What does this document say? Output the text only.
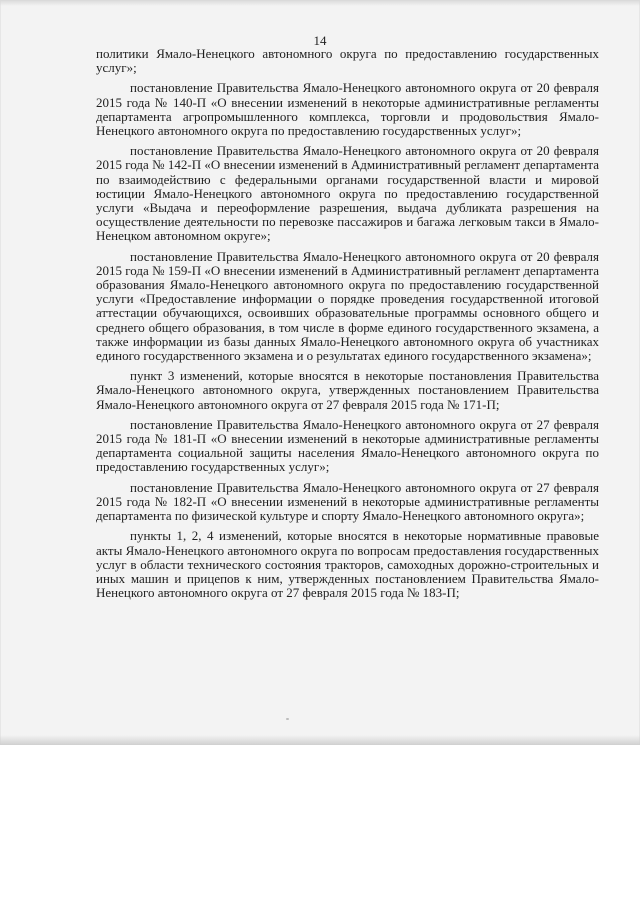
14

политики Ямало-Ненецкого автономного округа по предоставлению государственных услуг»;

постановление Правительства Ямало-Ненецкого автономного округа от 20 февраля 2015 года № 140-П «О внесении изменений в некоторые административные регламенты департамента агропромышленного комплекса, торговли и продовольствия Ямало-Ненецкого автономного округа по предоставлению государственных услуг»;

постановление Правительства Ямало-Ненецкого автономного округа от 20 февраля 2015 года № 142-П «О внесении изменений в Административный регламент департамента по взаимодействию с федеральными органами государственной власти и мировой юстиции Ямало-Ненецкого автономного округа по предоставлению государственной услуги «Выдача и переоформление разрешения, выдача дубликата разрешения на осуществление деятельности по перевозке пассажиров и багажа легковым такси в Ямало-Ненецком автономном округе»;

постановление Правительства Ямало-Ненецкого автономного округа от 20 февраля 2015 года № 159-П «О внесении изменений в Административный регламент департамента образования Ямало-Ненецкого автономного округа по предоставлению государственной услуги «Предоставление информации о порядке проведения государственной итоговой аттестации обучающихся, освоивших образовательные программы основного общего и среднего общего образования, в том числе в форме единого государственного экзамена, а также информации из базы данных Ямало-Ненецкого автономного округа об участниках единого государственного экзамена и о результатах единого государственного экзамена»;

пункт 3 изменений, которые вносятся в некоторые постановления Правительства Ямало-Ненецкого автономного округа, утвержденных постановлением Правительства Ямало-Ненецкого автономного округа от 27 февраля 2015 года № 171-П;

постановление Правительства Ямало-Ненецкого автономного округа от 27 февраля 2015 года № 181-П «О внесении изменений в некоторые административные регламенты департамента социальной защиты населения Ямало-Ненецкого автономного округа по предоставлению государственных услуг»;

постановление Правительства Ямало-Ненецкого автономного округа от 27 февраля 2015 года № 182-П «О внесении изменений в некоторые административные регламенты департамента по физической культуре и спорту Ямало-Ненецкого автономного округа»;

пункты 1, 2, 4 изменений, которые вносятся в некоторые нормативные правовые акты Ямало-Ненецкого автономного округа по вопросам предоставления государственных услуг в области технического состояния тракторов, самоходных дорожно-строительных и иных машин и прицепов к ним, утвержденных постановлением Правительства Ямало-Ненецкого автономного округа от 27 февраля 2015 года № 183-П;
